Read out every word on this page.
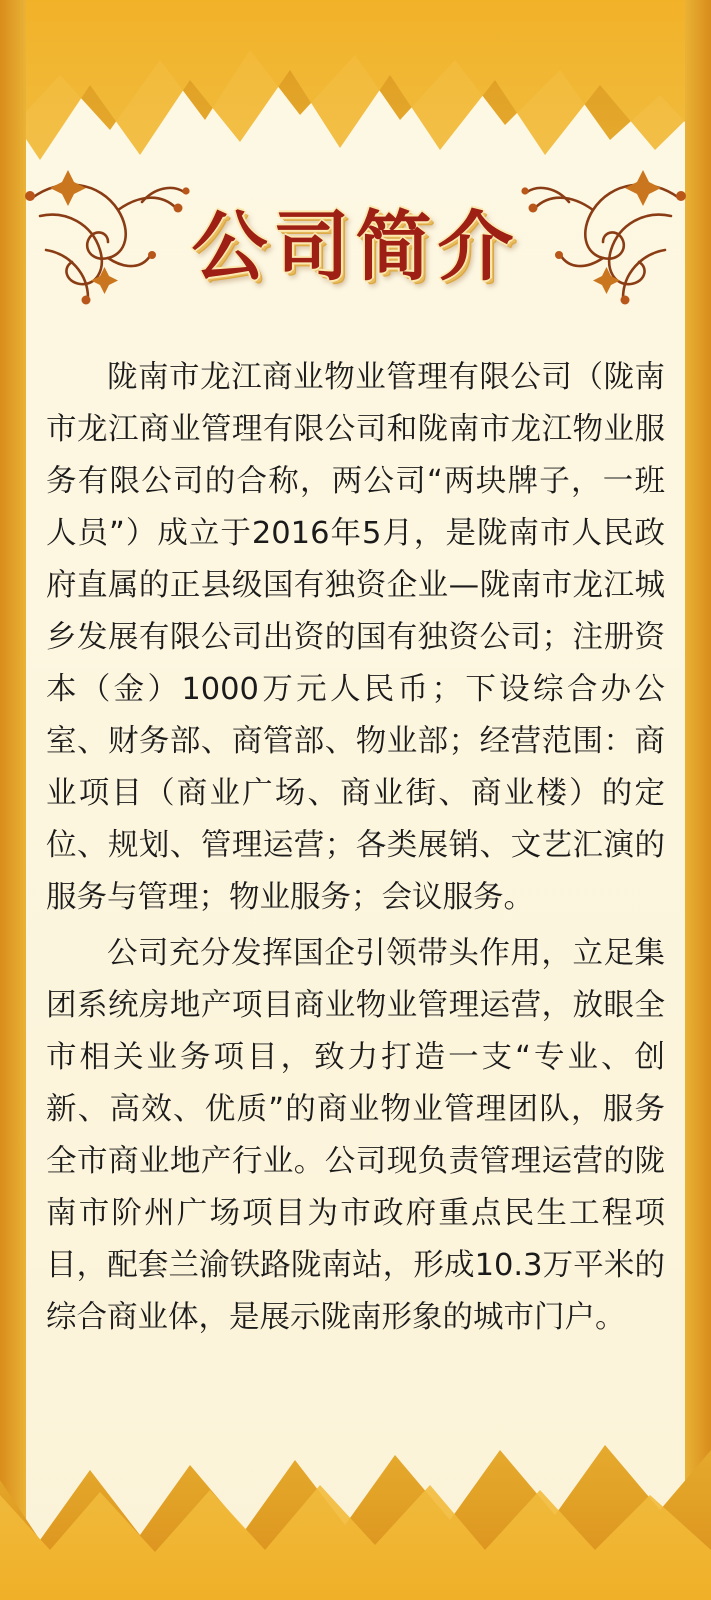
公司简介

陇南市龙江商业物业管理有限公司（陇南市龙江商业管理有限公司和陇南市龙江物业服务有限公司的合称，两公司“两块牌子，一班人员”）成立于2016年5月，是陇南市人民政府直属的正县级国有独资企业—陇南市龙江城乡发展有限公司出资的国有独资公司；注册资本（金）1000万元人民币；下设综合办公室、财务部、商管部、物业部；经营范围：商业项目（商业广场、商业街、商业楼）的定位、规划、管理运营；各类展销、文艺汇演的服务与管理；物业服务；会议服务。

公司充分发挥国企引领带头作用，立足集团系统房地产项目商业物业管理运营，放眼全市相关业务项目，致力打造一支“专业、创新、高效、优质”的商业物业管理团队，服务全市商业地产行业。公司现负责管理运营的陇南市阶州广场项目为市政府重点民生工程项目，配套兰渝铁路陇南站，形成10.3万平米的综合商业体，是展示陇南形象的城市门户。
